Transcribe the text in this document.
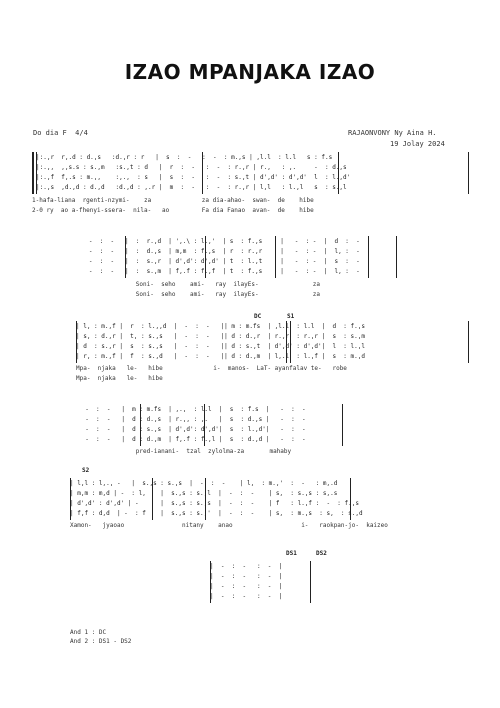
IZAO MPANJAKA IZAO
Do dia F  4/4	RAJAONVONY Ny Aina H.
19 Jolay 2024
|:.,r  r,.d : d.,s   :d.,r : r   |  s  :  -   :  -  : m.,s | ,l.l  : l.l   s : f.s
|:.,,  ,,s.s : s.,m   :s.,t : d   |  r  :  -   :  -  : r.,r | r.,   : ,.     -  : d.,s
|:.,f  f,.s : m.,,    :,.,  : s   |  s  :  -   :  -  : s.,t | d',d' : d',d'  l  : l.,d'
|:.,s  ,d.,d : d.,d   :d.,d : ,.r |  m  :  -   :  -  : r.,r | l,l   : l.,l   s  : s.,l
1-hafa-liana  rgenti-nzymi-    za              za dia-ahao-  swan-  de    hibe
2-0 ry  ao a-fhenyi-ssera-  nila-   ao         Fa dia Fanao  avan-  de    hibe
-  :  -   |  :  r.,d  | ',.\ : l.,'  | s  : f.,s     |   -  : -  |  d  :  -
-  :  -   |  :  d.,s  | m,m  : f.,s  | r  : r.,r     |   -  : -  |  l, :  -
-  :  -   |  :  s.,r  | d',d': d',d' | t  : l.,t     |   -  : -  |  s  :  -
-  :  -   |  :  s.,m  | f,.f : f.,f  | t  : f.,s     |   -  : -  |  l, :  -
Soni-  seho    ami-   ray  ilayEs-               za
Soni-  seho    ami-   ray  ilayEs-               za
DC	S1
| l, : m.,f |  r  : l.,,d  |  -  :  -   || m : m.fs  | ,l.l  : l.l  |  d  : f.,s
| s, : d.,r |  t, : s.,s   |  -  :  -   || d : d.,r  | r.,r  : r.,r |  s  : s.,m
| d  : s.,r |  s  : s.,s   |  -  :  -   || d : s.,t  | d',d' : d',d'|  l  : l.,l
| r, : m.,f |  f  : s.,d   |  -  :  -   || d : d.,m  | l,.l  : l.,f |  s  : m.,d
Mpa-  njaka   le-   hibe              i-  manos-  LaT- ayanfalav te-   robe
Mpa-  njaka   le-   hibe
-  :  -   |  m : m.fs  | ,.,  : l.l  |  s  : f.s  |   -  :  -
-  :  -   |  d : d.,s  | r.,, : ,.   |  s  : d.,s |   -  :  -
-  :  -   |  d : s.,s  | d',d': d',d'|  s  : l.,d'|   -  :  -
-  :  -   |  d : d.,m  | f,.f : f.,l |  s  : d.,d |   -  :  -
pred-ianani-  tzal  zylolma-za       mahaby
S2
| l,l : l,., -   |  s.,s : s.,s  |  -  :  -    | l,  : m.,'  :  -   : m,.d
| m,m : m,d | -  : l,    |  s.,s : s.,l  |  -  :  -    | s,  : s.,s : s,.s
| d',d' : d',d' | -      |  s.,s : s.,s  |  -  :  -    | f   : l.,f :  -  : f.,s
| f,f : d,d  | -  : f    |  s.,s : s.,'  |  -  :  -    | s,  : m.,s  : s,  : s.,d
Xamon-   jyaoao                nitany    anao                   i-   raokpan-jo-  kaizeo
DS1	DS2
|  -  :  -   :  -  |
|  -  :  -   :  -  |
|  -  :  -   :  -  |
|  -  :  -   :  -  |
And 1 : DC
And 2 : DS1 - DS2
